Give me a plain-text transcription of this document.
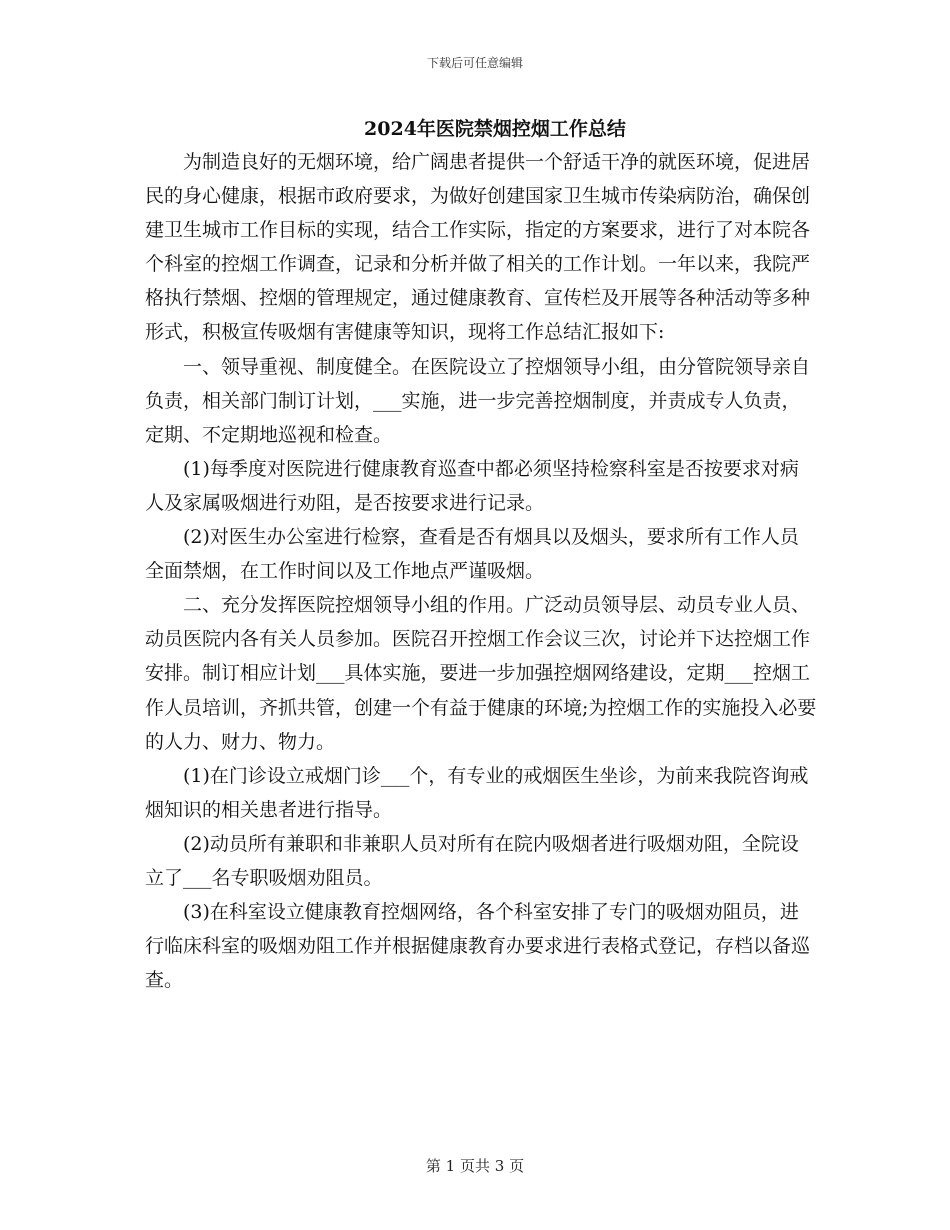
下载后可任意编辑
2024年医院禁烟控烟工作总结

为制造良好的无烟环境，给广阔患者提供一个舒适干净的就医环境，促进居民的身心健康，根据市政府要求，为做好创建国家卫生城市传染病防治，确保创建卫生城市工作目标的实现，结合工作实际，指定的方案要求，进行了对本院各个科室的控烟工作调查，记录和分析并做了相关的工作计划。一年以来，我院严格执行禁烟、控烟的管理规定，通过健康教育、宣传栏及开展等各种活动等多种形式，积极宣传吸烟有害健康等知识，现将工作总结汇报如下:

一、领导重视、制度健全。在医院设立了控烟领导小组，由分管院领导亲自负责，相关部门制订计划，___实施，进一步完善控烟制度，并责成专人负责，定期、不定期地巡视和检查。

(1)每季度对医院进行健康教育巡查中都必须坚持检察科室是否按要求对病人及家属吸烟进行劝阻，是否按要求进行记录。

(2)对医生办公室进行检察，查看是否有烟具以及烟头，要求所有工作人员全面禁烟，在工作时间以及工作地点严谨吸烟。

二、充分发挥医院控烟领导小组的作用。广泛动员领导层、动员专业人员、动员医院内各有关人员参加。医院召开控烟工作会议三次，讨论并下达控烟工作安排。制订相应计划___具体实施，要进一步加强控烟网络建设，定期___控烟工作人员培训，齐抓共管，创建一个有益于健康的环境;为控烟工作的实施投入必要的人力、财力、物力。

(1)在门诊设立戒烟门诊___个，有专业的戒烟医生坐诊，为前来我院咨询戒烟知识的相关患者进行指导。

(2)动员所有兼职和非兼职人员对所有在院内吸烟者进行吸烟劝阻，全院设立了___名专职吸烟劝阻员。

(3)在科室设立健康教育控烟网络，各个科室安排了专门的吸烟劝阻员，进行临床科室的吸烟劝阻工作并根据健康教育办要求进行表格式登记，存档以备巡查。

第 1 页共 3 页
